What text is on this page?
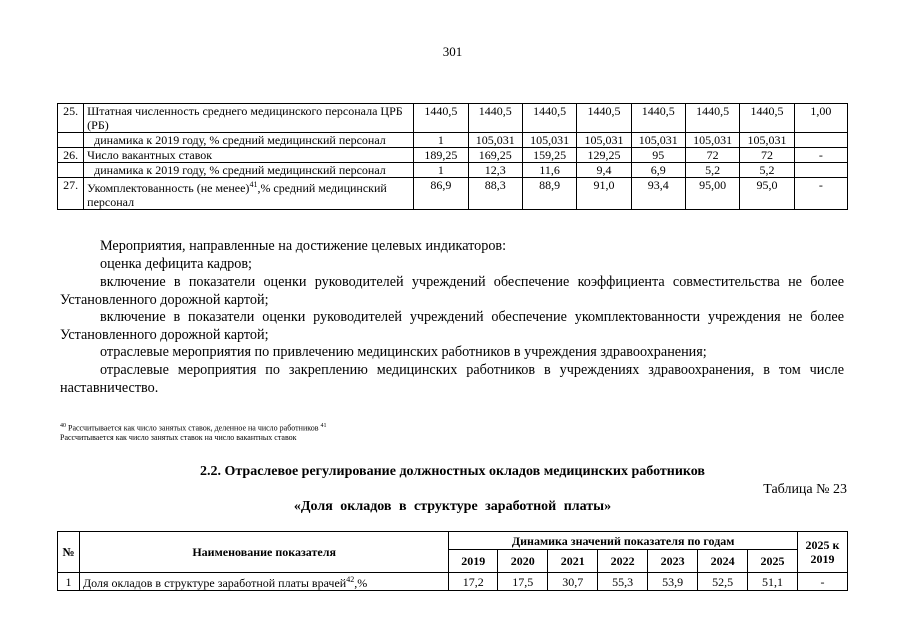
301
25.	Штатная численность среднего медицинского персонала ЦРБ (РБ)	1440,5	1440,5	1440,5	1440,5	1440,5	1440,5	1440,5	1,00
	динамика к 2019 году, % средний медицинский персонал	1	105,031	105,031	105,031	105,031	105,031	105,031	
26.	Число вакантных ставок	189,25	169,25	159,25	129,25	95	72	72	-
	динамика к 2019 году, % средний медицинский персонал	1	12,3	11,6	9,4	6,9	5,2	5,2	
27.	Укомплектованность (не менее)$^{41}$,% средний медицинский персонал	86,9	88,3	88,9	91,0	93,4	95,00	95,0	-
Мероприятия, направленные на достижение целевых индикаторов:
оценка дефицита кадров;
включение в показатели оценки руководителей учреждений обеспечение коэффициента совместительства не более Установленного дорожной картой;
включение в показатели оценки руководителей учреждений обеспечение укомплектованности учреждения не более Установленного дорожной картой;
отраслевые мероприятия по привлечению медицинских работников в учреждения здравоохранения;
отраслевые мероприятия по закреплению медицинских работников в учреждениях здравоохранения, в том числе наставничество.
$^{40}$ Рассчитывается как число занятых ставок, деленное на число работников $^{41}$ Рассчитывается как число занятых ставок на число вакантных ставок
2.2. Отраслевое регулирование должностных окладов медицинских работников
Таблица № 23
«Доля окладов в структуре заработной платы»
№	Наименование показателя	Динамика значений показателя по годам							2025 к 2019
		2019	2020	2021	2022	2023	2024	2025	
1	Доля окладов в структуре заработной платы врачей$^{42}$,%	17,2	17,5	30,7	55,3	53,9	52,5	51,1	-
